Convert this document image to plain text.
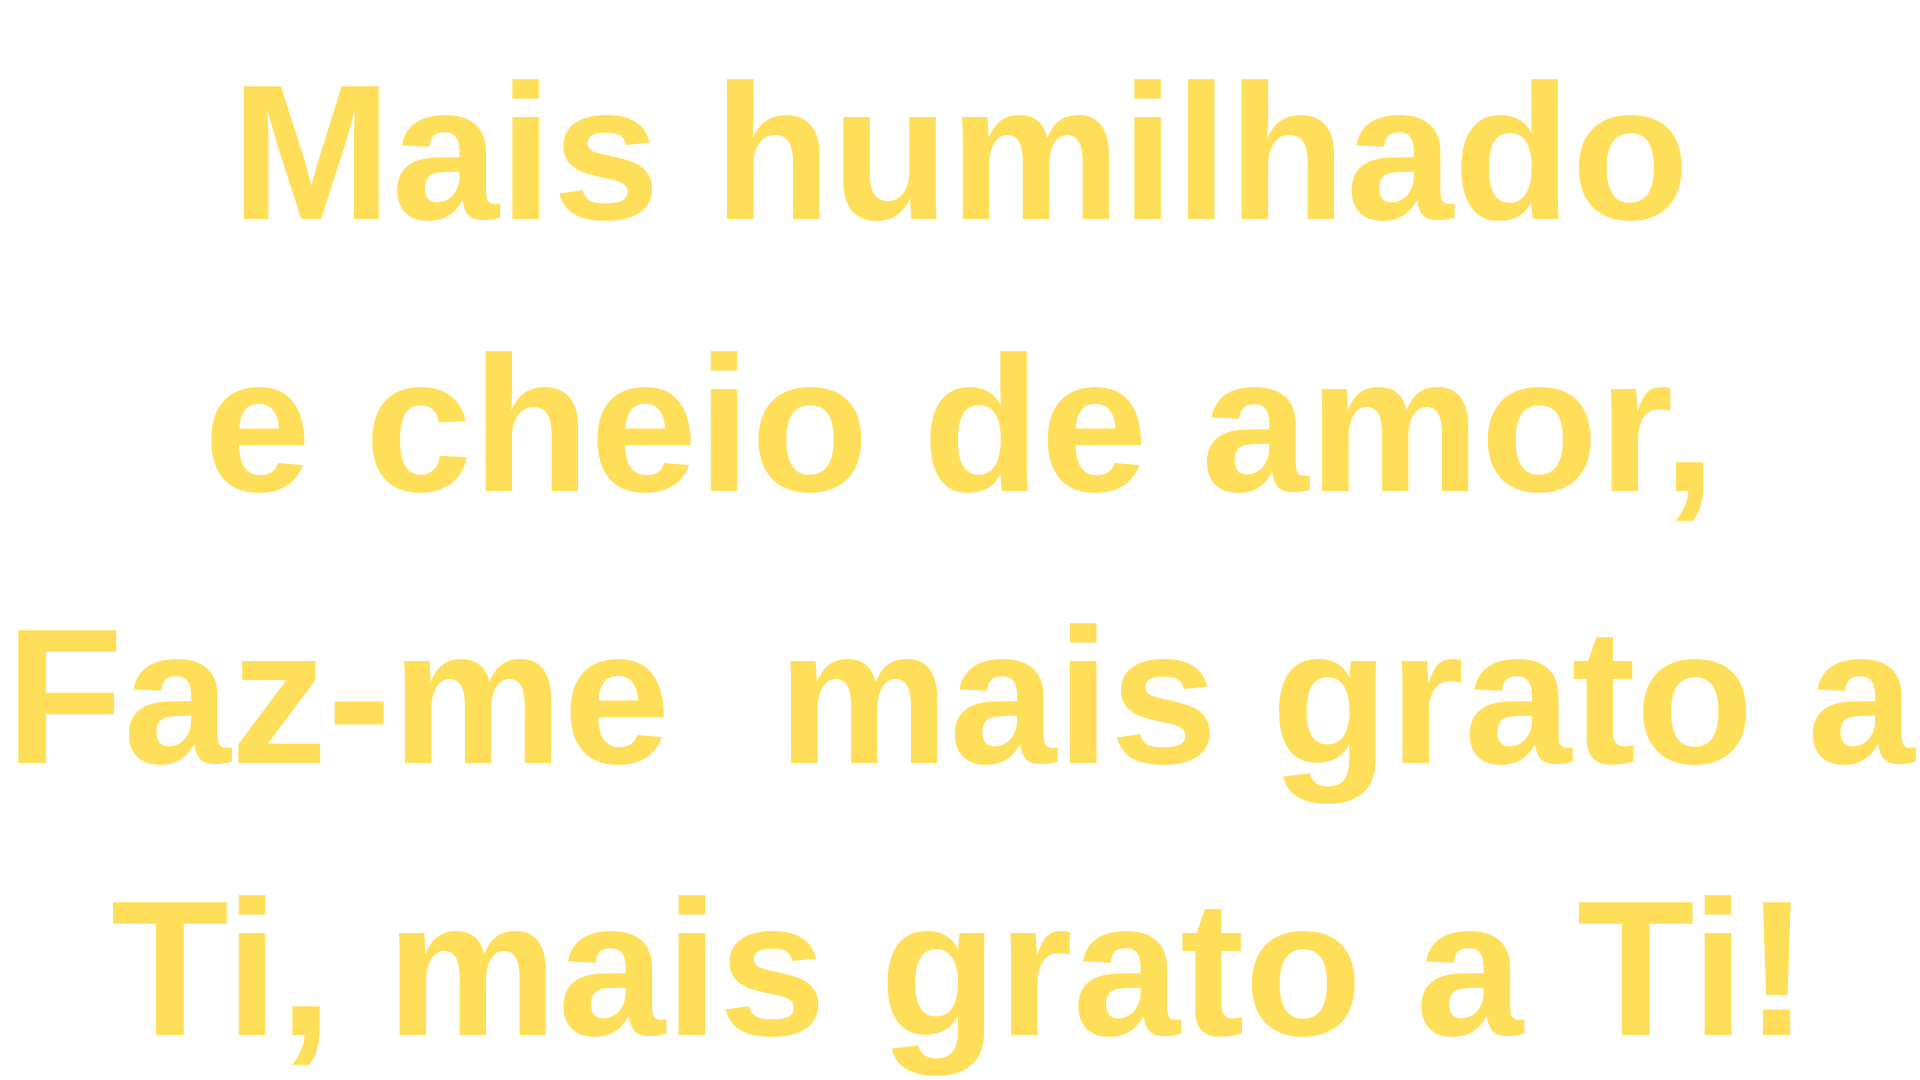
Mais humilhado
e cheio de amor,
Faz-me  mais grato a
Ti, mais grato a Ti!
